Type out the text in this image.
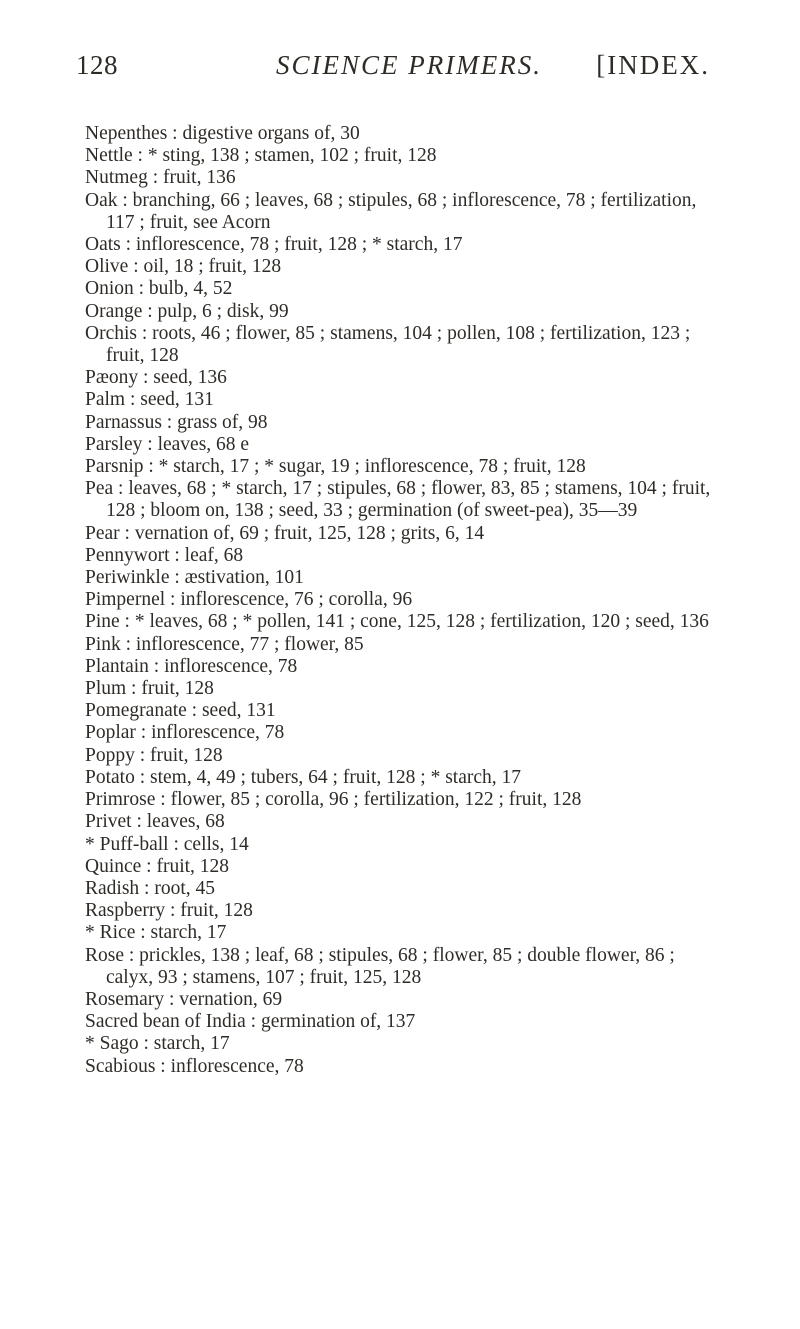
128	SCIENCE PRIMERS. [INDEX.
Nepenthes : digestive organs of, 30
Nettle : * sting, 138 ; stamen, 102 ; fruit, 128
Nutmeg : fruit, 136
Oak : branching, 66 ; leaves, 68 ; stipules, 68 ; inflorescence, 78 ; fertilization, 117 ; fruit, see Acorn
Oats : inflorescence, 78 ; fruit, 128 ; * starch, 17
Olive : oil, 18 ; fruit, 128
Onion : bulb, 4, 52
Orange : pulp, 6 ; disk, 99
Orchis : roots, 46 ; flower, 85 ; stamens, 104 ; pollen, 108 ; fertilization, 123 ; fruit, 128
Pæony : seed, 136
Palm : seed, 131
Parnassus : grass of, 98
Parsley : leaves, 68 e
Parsnip : * starch, 17 ; * sugar, 19 ; inflorescence, 78 ; fruit, 128
Pea : leaves, 68 ; * starch, 17 ; stipules, 68 ; flower, 83, 85 ; stamens, 104 ; fruit, 128 ; bloom on, 138 ; seed, 33 ; germination (of sweet-pea), 35—39
Pear : vernation of, 69 ; fruit, 125, 128 ; grits, 6, 14
Pennywort : leaf, 68
Periwinkle : æstivation, 101
Pimpernel : inflorescence, 76 ; corolla, 96
Pine : * leaves, 68 ; * pollen, 141 ; cone, 125, 128 ; fertilization, 120 ; seed, 136
Pink : inflorescence, 77 ; flower, 85
Plantain : inflorescence, 78
Plum : fruit, 128
Pomegranate : seed, 131
Poplar : inflorescence, 78
Poppy : fruit, 128
Potato : stem, 4, 49 ; tubers, 64 ; fruit, 128 ; * starch, 17
Primrose : flower, 85 ; corolla, 96 ; fertilization, 122 ; fruit, 128
Privet : leaves, 68
* Puff-ball : cells, 14
Quince : fruit, 128
Radish : root, 45
Raspberry : fruit, 128
* Rice : starch, 17
Rose : prickles, 138 ; leaf, 68 ; stipules, 68 ; flower, 85 ; double flower, 86 ; calyx, 93 ; stamens, 107 ; fruit, 125, 128
Rosemary : vernation, 69
Sacred bean of India : germination of, 137
* Sago : starch, 17
Scabious : inflorescence, 78
